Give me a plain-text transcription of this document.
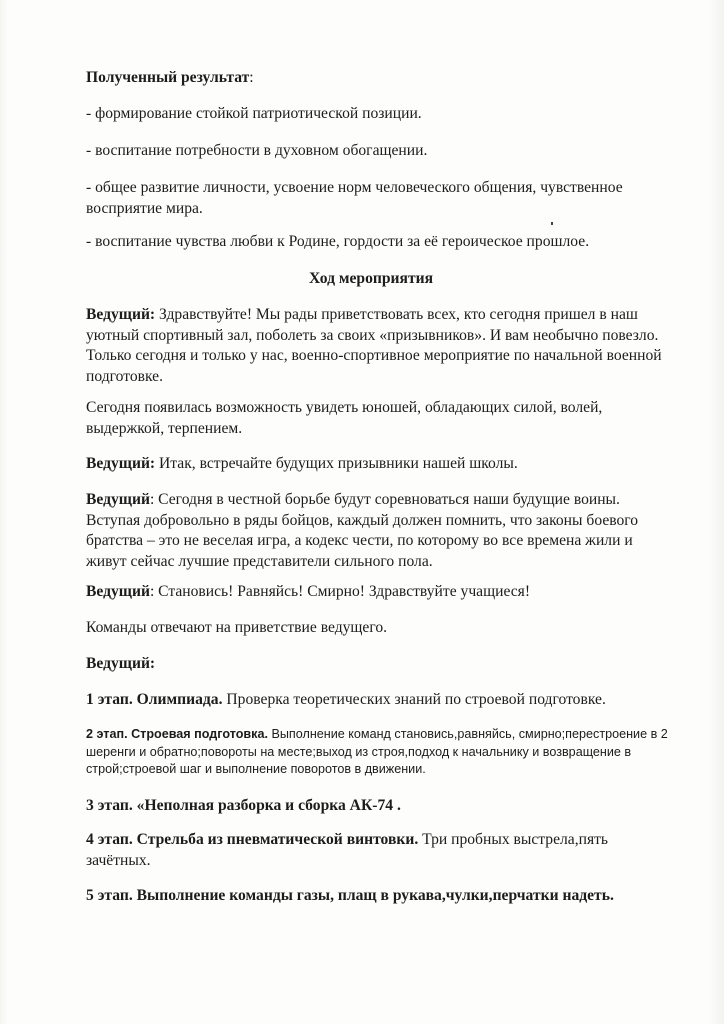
Полученный результат:

- формирование стойкой патриотической позиции.

- воспитание потребности в духовном обогащении.

- общее развитие личности, усвоение норм человеческого общения, чувственное восприятие мира.

- воспитание чувства любви к Родине, гордости за её героическое прошлое.

Ход мероприятия

Ведущий: Здравствуйте! Мы рады приветствовать всех, кто сегодня пришел в наш уютный спортивный зал, поболеть за своих «призывников». И вам необычно повезло. Только сегодня и только у нас, военно-спортивное мероприятие по начальной военной подготовке.

Сегодня появилась возможность увидеть юношей, обладающих силой, волей, выдержкой, терпением.

Ведущий: Итак, встречайте будущих призывники нашей школы.

Ведущий: Сегодня в честной борьбе будут соревноваться наши будущие воины. Вступая добровольно в ряды бойцов, каждый должен помнить, что законы боевого братства – это не веселая игра, а кодекс чести, по которому во все времена жили и живут сейчас лучшие представители сильного пола.

Ведущий: Становись! Равняйсь! Смирно! Здравствуйте учащиеся!

Команды отвечают на приветствие ведущего.

Ведущий:

1 этап. Олимпиада. Проверка теоретических знаний по строевой подготовке.

2 этап. Строевая подготовка. Выполнение команд становись,равняйсь, смирно;перестроение в 2 шеренги и обратно;повороты на месте;выход из строя,подход к начальнику и возвращение в строй;строевой шаг и выполнение поворотов в движении.

3 этап. «Неполная разборка и сборка АК-74 .

4 этап. Стрельба из пневматической винтовки. Три пробных выстрела,пять зачётных.

5 этап. Выполнение команды газы, плащ в рукава,чулки,перчатки надеть.
